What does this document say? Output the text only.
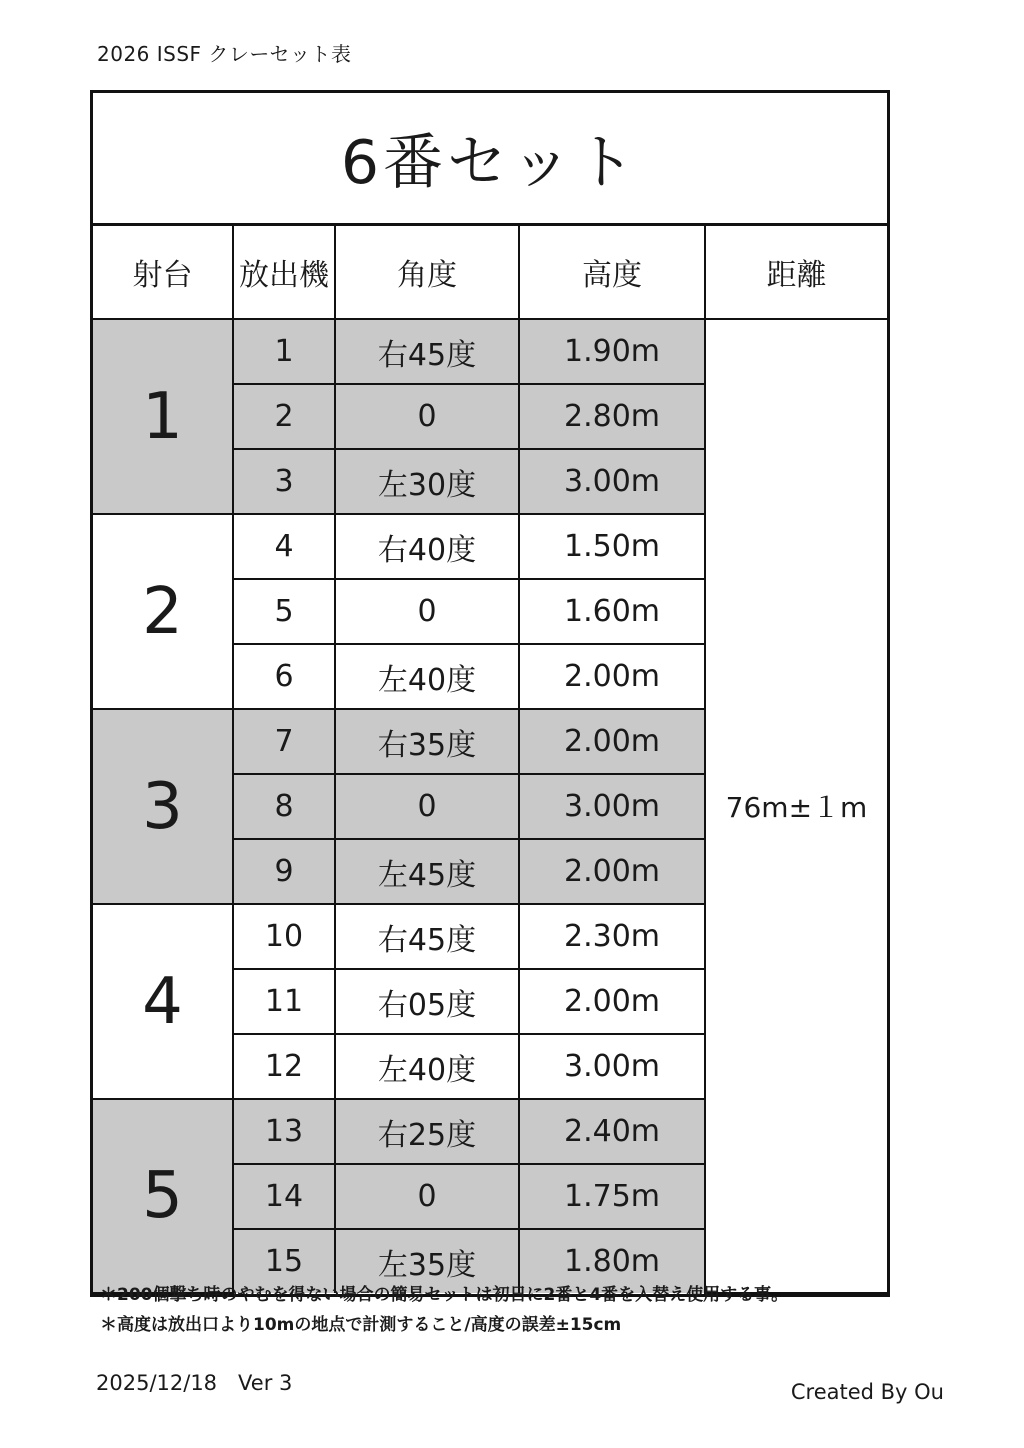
2026 ISSF クレーセット表
6番セット
射台	放出機	角度	高度	距離
1	1	右45度	1.90m	76m±１m
	2	0	2.80m	
	3	左30度	3.00m	
2	4	右40度	1.50m	
	5	0	1.60m	
	6	左40度	2.00m	
3	7	右35度	2.00m	
	8	0	3.00m	
	9	左45度	2.00m	
4	10	右45度	2.30m	
	11	右05度	2.00m	
	12	左40度	3.00m	
5	13	右25度	2.40m	
	14	0	1.75m	
	15	左35度	1.80m	
＊200個撃ち時のやむを得ない場合の簡易セットは初日に2番と4番を入替え使用する事。
＊高度は放出口より10mの地点で計測すること/高度の誤差±15cm
2025/12/18　Ver 3	Created By Ou
